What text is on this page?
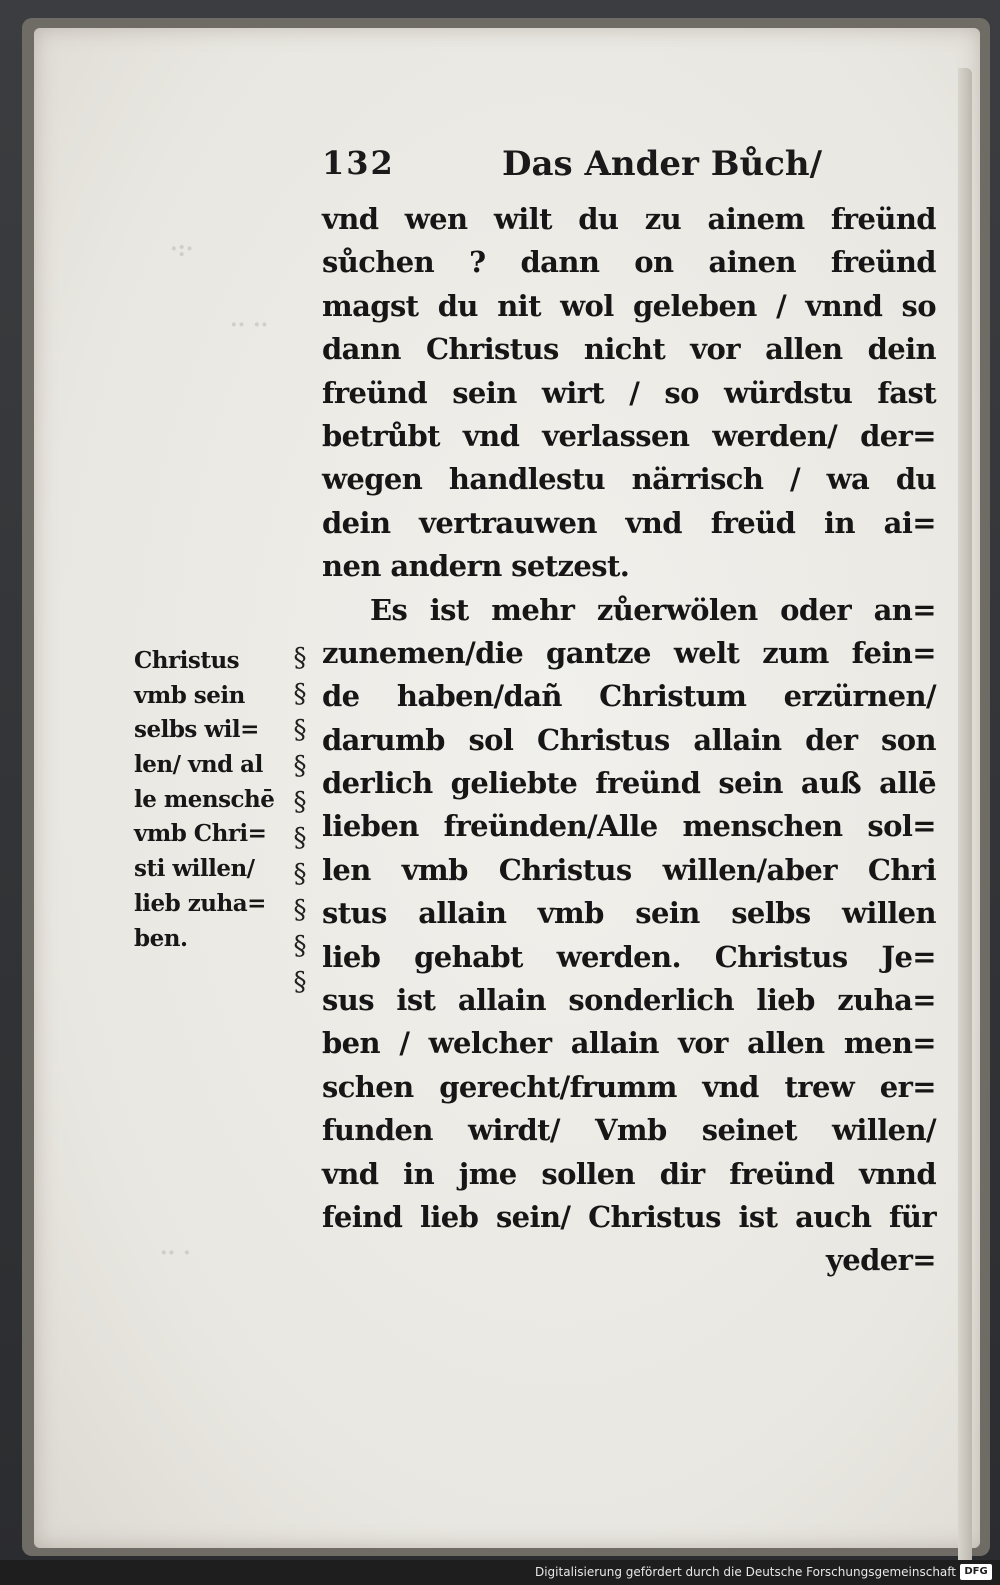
·:·
·· ··
·· ·
132	Das Ander Bůch/
vnd wen wilt du zu ainem freünd
sůchen ? dann on ainen freünd
magst du nit wol geleben / vnnd so
dann Christus nicht vor allen dein
freünd sein wirt / so würdstu fast
betrůbt vnd verlassen werden/ der=
wegen handlestu närrisch / wa du
dein vertrauwen vnd freüd in ai=
nen andern setzest.
Es ist mehr zůerwölen oder an=
zunemen/die gantze welt zum fein=
de haben/dañ Christum erzürnen/
darumb sol Christus allain der son
derlich geliebte freünd sein auß allē
lieben freünden/Alle menschen sol=
len vmb Christus willen/aber Chri
stus allain vmb sein selbs willen
lieb gehabt werden. Christus Je=
sus ist allain sonderlich lieb zuha=
ben / welcher allain vor allen men=
schen gerecht/frumm vnd trew er=
funden wirdt/ Vmb seinet willen/
vnd in jme sollen dir freünd vnnd
feind lieb sein/ Christus ist auch für
yeder=
Christus
vmb sein
selbs wil=
len/ vnd al
le menschē
vmb Chri=
sti willen/
lieb zuha=
ben.
§
§
§
§
§
§
§
§
§
§
Digitalisierung gefördert durch die Deutsche Forschungsgemeinschaft DFG
